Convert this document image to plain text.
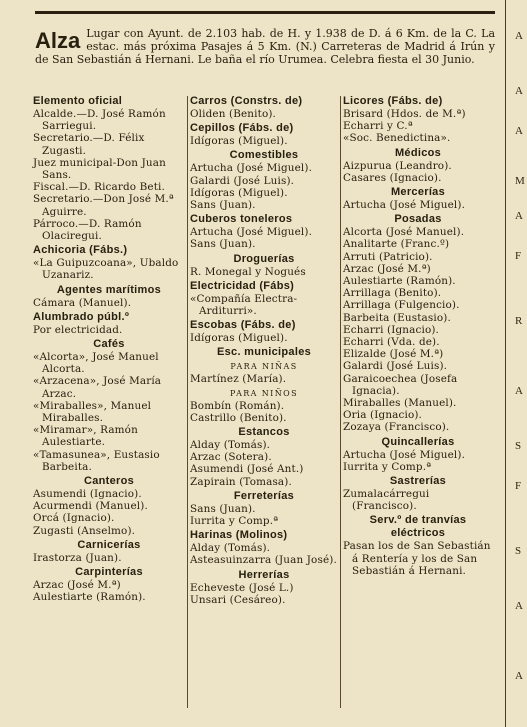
Alza Lugar con Ayunt. de 2.103 hab. de H. y 1.938 de D. á 6 Km. de la C. La estac. más próxima Pasajes á 5 Km. (N.) Carreteras de Madrid á Irún y de San Sebastián á Hernani. Le baña el río Urumea. Celebra fiesta el 30 Junio.
Elemento oficial
Alcalde.—D. José Ramón Sarriegui.
Secretario.—D. Félix Zugasti.
Juez municipal-Don Juan Sans.
Fiscal.—D. Ricardo Beti.
Secretario.—Don José M.ª Aguirre.
Párroco.—D. Ramón Olaciregui.
Achicoria (Fábs.)
«La Guipuzcoana», Ubaldo Uzanariz.
Agentes marítimos
Cámara (Manuel).
Alumbrado públ.º
Por electricidad.
Cafés
«Alcorta», José Manuel Alcorta.
«Arzacena», José María Arzac.
«Miraballes», Manuel Miraballes.
«Miramar», Ramón Aulestiarte.
«Tamasunea», Eustasio Barbeita.
Canteros
Asumendi (Ignacio).
Acurmendi (Manuel).
Orcá (Ignacio).
Zugasti (Anselmo).
Carnicerías
Irastorza (Juan).
Carpinterías
Arzac (José M.ª)
Aulestiarte (Ramón).
Carros (Constrs. de)
Oliden (Benito).
Cepillos (Fábs. de)
Idígoras (Miguel).
Comestibles
Artucha (José Miguel).
Galardi (José Luis).
Idígoras (Miguel).
Sans (Juan).
Cuberos toneleros
Artucha (José Miguel).
Sans (Juan).
Droguerías
R. Monegal y Nogués
Electricidad (Fábs)
«Compañía Electra-Arditurri».
Escobas (Fábs. de)
Idígoras (Miguel).
Esc. municipales
PARA NIÑAS
Martínez (María).
PARA NIÑOS
Bombín (Román).
Castrillo (Benito).
Estancos
Alday (Tomás).
Arzac (Sotera).
Asumendi (José Ant.)
Zapirain (Tomasa).
Ferreterías
Sans (Juan).
Iurrita y Comp.ª
Harinas (Molinos)
Alday (Tomás).
Asteasuinzarra (Juan José).
Herrerías
Echeveste (José L.)
Unsari (Cesáreo).
Licores (Fábs. de)
Brisard (Hdos. de M.ª)
Echarri y C.ª
«Soc. Benedictina».
Médicos
Aizpurua (Leandro).
Casares (Ignacio).
Mercerías
Artucha (José Miguel).
Posadas
Alcorta (José Manuel).
Analitarte (Franc.º)
Arruti (Patricio).
Arzac (José M.ª)
Aulestiarte (Ramón).
Arrillaga (Benito).
Arrillaga (Fulgencio).
Barbeita (Eustasio).
Echarri (Ignacio).
Echarri (Vda. de).
Elizalde (José M.ª)
Galardi (José Luis).
Garaicoechea (Josefa Ignacia).
Miraballes (Manuel).
Oria (Ignacio).
Zozaya (Francisco).
Quincallerías
Artucha (José Miguel).
Iurrita y Comp.ª
Sastrerías
Zumalacárregui (Francisco).
Serv.º de tranvías eléctricos
Pasan los de San Sebastián á Rentería y los de San Sebastián á Hernani.
A
A
A
M
A
F
R
A
S
F
S
A
A
